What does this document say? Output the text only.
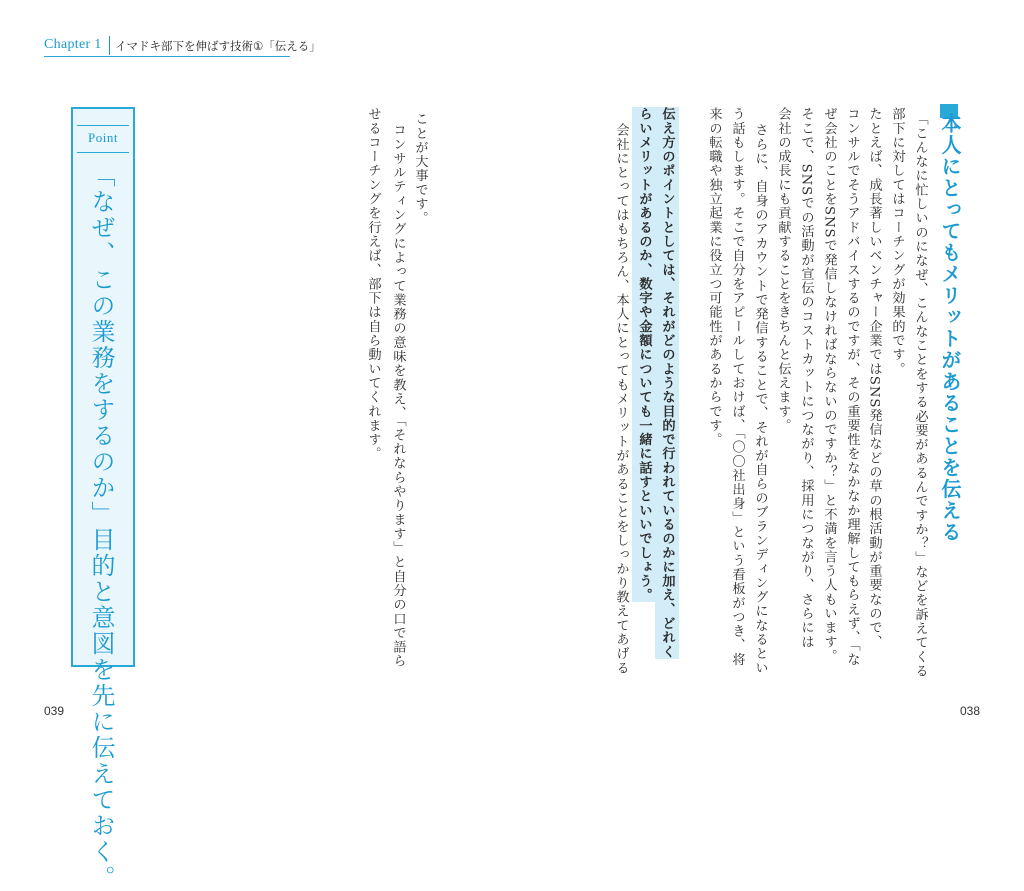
Chapter 1 イマドキ部下を伸ばす技術①「伝える」
Point
「なぜ、この業務をするのか」目的と意図を先に伝えておく。	ことが大事です。
コンサルティングによって業務の意味を教え、「それならやります」と自分の口で語ら
せるコーチングを行えば、部下は自ら動いてくれます。	本人にとってもメリットがあることを伝える
「こんなに忙しいのになぜ、こんなことをする必要があるんですか？」などを訴えてくる
部下に対してはコーチングが効果的です。
たとえば、成長著しいベンチャー企業ではSNS発信などの草の根活動が重要なので、
コンサルでそうアドバイスするのですが、その重要性をなかなか理解してもらえず、「な
ぜ会社のことをSNSで発信しなければならないのですか？」と不満を言う人もいます。
そこで、SNSでの活動が宣伝のコストカットにつながり、採用につながり、さらには
会社の成長にも貢献することをきちんと伝えます。
さらに、自身のアカウントで発信することで、それが自らのブランディングになるとい
う話もします。そこで自分をアピールしておけば、「〇〇社出身」という看板がつき、将
来の転職や独立起業に役立つ可能性があるからです。
伝え方のポイントとしては、それがどのような目的で行われているのかに加え、どれく
らいメリットがあるのか、数字や金額についても一緒に話すといいでしょう。
会社にとってはもちろん、本人にとってもメリットがあることをしっかり教えてあげる
039	038
